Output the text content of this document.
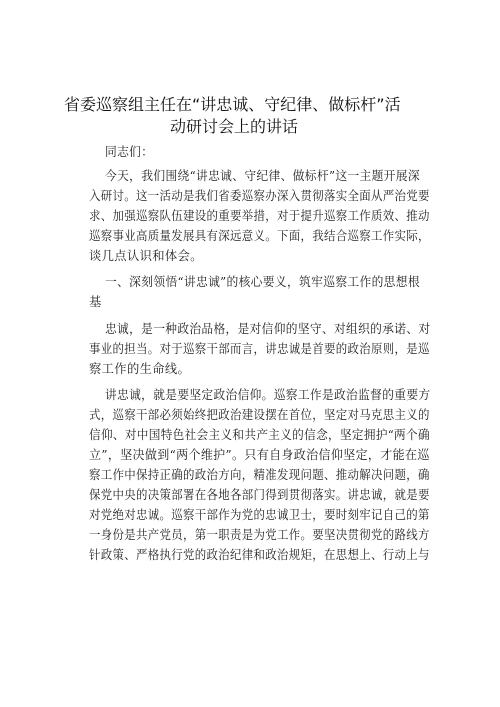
省委巡察组主任在“讲忠诚、守纪律、做标杆”活
动研讨会上的讲话
同志们：
今天，我们围绕“讲忠诚、守纪律、做标杆”这一主题开展深
入研讨。这一活动是我们省委巡察办深入贯彻落实全面从严治党要
求、加强巡察队伍建设的重要举措，对于提升巡察工作质效、推动
巡察事业高质量发展具有深远意义。下面，我结合巡察工作实际，
谈几点认识和体会。
一、深刻领悟“讲忠诚”的核心要义，筑牢巡察工作的思想根
基
忠诚，是一种政治品格，是对信仰的坚守、对组织的承诺、对
事业的担当。对于巡察干部而言，讲忠诚是首要的政治原则，是巡
察工作的生命线。
讲忠诚，就是要坚定政治信仰。巡察工作是政治监督的重要方
式，巡察干部必须始终把政治建设摆在首位，坚定对马克思主义的
信仰、对中国特色社会主义和共产主义的信念，坚定拥护“两个确
立”，坚决做到“两个维护”。只有自身政治信仰坚定，才能在巡
察工作中保持正确的政治方向，精准发现问题、推动解决问题，确
保党中央的决策部署在各地各部门得到贯彻落实。讲忠诚，就是要
对党绝对忠诚。巡察干部作为党的忠诚卫士，要时刻牢记自己的第
一身份是共产党员，第一职责是为党工作。要坚决贯彻党的路线方
针政策、严格执行党的政治纪律和政治规矩，在思想上、行动上与
